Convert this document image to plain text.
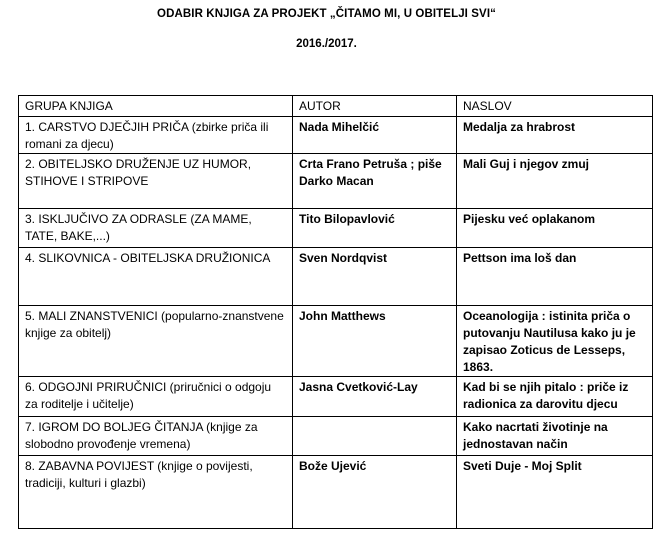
ODABIR KNJIGA ZA PROJEKT „ČITAMO MI, U OBITELJI SVI“
2016./2017.
GRUPA KNJIGA	AUTOR	NASLOV
1. CARSTVO DJEČJIH PRIČA (zbirke priča ili romani za djecu)	Nada Mihelčić	Medalja za hrabrost
2. OBITELJSKO DRUŽENJE UZ HUMOR, STIHOVE I STRIPOVE	Crta Frano Petruša ; piše Darko Macan	Mali Guj i njegov zmuj
3. ISKLJUČIVO ZA ODRASLE (ZA MAME, TATE, BAKE,...)	Tito Bilopavlović	Pijesku već oplakanom
4. SLIKOVNICA - OBITELJSKA DRUŽIONICA	Sven Nordqvist	Pettson ima loš dan
5. MALI ZNANSTVENICI (popularno-znanstvene knjige za obitelj)	John Matthews	Oceanologija : istinita priča o putovanju Nautilusa kako ju je zapisao Zoticus de Lesseps, 1863.
6. ODGOJNI PRIRUČNICI (priručnici o odgoju za roditelje i učitelje)	Jasna Cvetković-Lay	Kad bi se njih pitalo : priče iz radionica za darovitu djecu
7. IGROM DO BOLJEG ČITANJA (knjige za slobodno provođenje vremena)		Kako nacrtati životinje na jednostavan način
8. ZABAVNA POVIJEST (knjige o povijesti, tradiciji, kulturi i glazbi)	Bože Ujević	Sveti Duje - Moj Split
